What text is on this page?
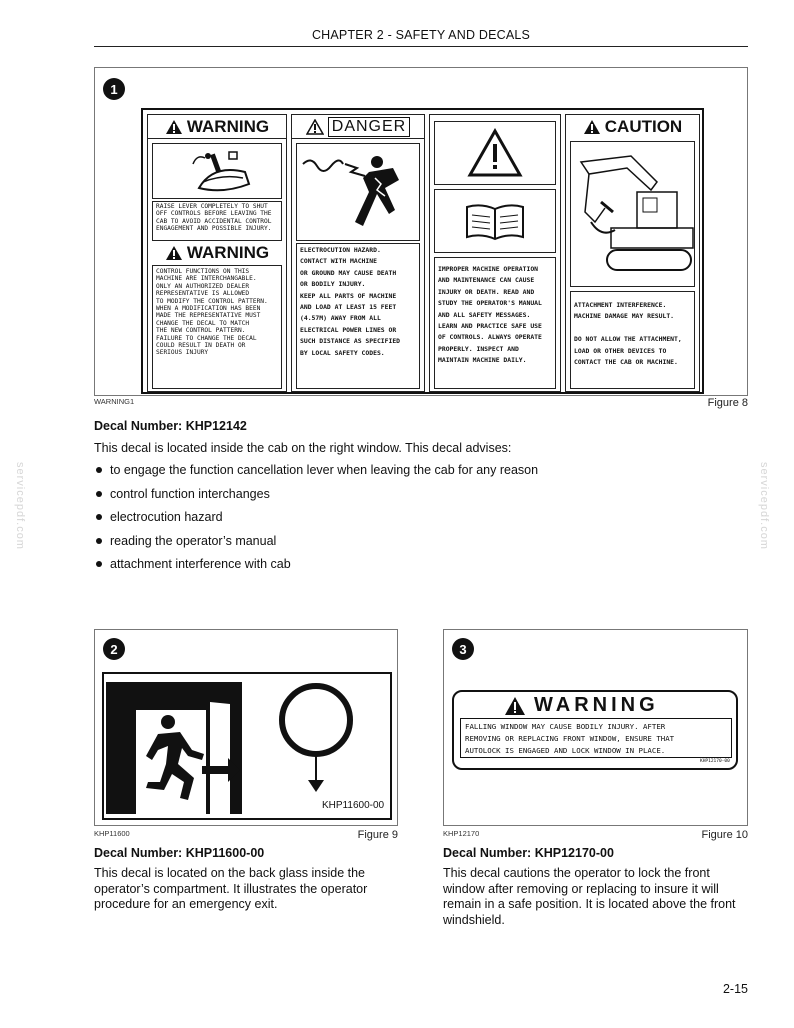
CHAPTER 2 - SAFETY AND DECALS
servicepdf.com	servicepdf.com
1
WARNING
RAISE LEVER COMPLETELY TO SHUT
OFF CONTROLS BEFORE LEAVING THE
CAB TO AVOID ACCIDENTAL CONTROL
ENGAGEMENT AND POSSIBLE INJURY.
WARNING
CONTROL FUNCTIONS ON THIS
MACHINE ARE INTERCHANGABLE.
ONLY AN AUTHORIZED DEALER
REPRESENTATIVE IS ALLOWED
TO MODIFY THE CONTROL PATTERN.
WHEN A MODIFICATION HAS BEEN
MADE THE REPRESENTATIVE MUST
CHANGE THE DECAL TO MATCH
THE NEW CONTROL PATTERN.
FAILURE TO CHANGE THE DECAL
COULD RESULT IN DEATH OR
SERIOUS INJURY
DANGER
ELECTROCUTION HAZARD.
CONTACT WITH MACHINE
OR GROUND MAY CAUSE DEATH
OR BODILY INJURY.
KEEP ALL PARTS OF MACHINE
AND LOAD AT LEAST 15 FEET
(4.57M) AWAY FROM ALL
ELECTRICAL POWER LINES OR
SUCH DISTANCE AS SPECIFIED
BY LOCAL SAFETY CODES.
IMPROPER MACHINE OPERATION
AND MAINTENANCE CAN CAUSE
INJURY OR DEATH. READ AND
STUDY THE OPERATOR'S MANUAL
AND ALL SAFETY MESSAGES.
LEARN AND PRACTICE SAFE USE
OF CONTROLS. ALWAYS OPERATE
PROPERLY. INSPECT AND
MAINTAIN MACHINE DAILY.
CAUTION
ATTACHMENT INTERFERENCE.
MACHINE DAMAGE MAY RESULT.

DO NOT ALLOW THE ATTACHMENT,
LOAD OR OTHER DEVICES TO
CONTACT THE CAB OR MACHINE.
WARNING1	Figure 8
Decal Number: KHP12142
This decal is located inside the cab on the right window. This decal advises:
to engage the function cancellation lever when leaving the cab for any reason
control function interchanges
electrocution hazard
reading the operator’s manual
attachment interference with cab
2
KHP11600-00
KHP11600	Figure 9
3
WARNING
FALLING WINDOW MAY CAUSE BODILY INJURY. AFTER
REMOVING OR REPLACING FRONT WINDOW, ENSURE THAT
AUTOLOCK IS ENGAGED AND LOCK WINDOW IN PLACE.
KHP12170-00
KHP12170	Figure 10
Decal Number: KHP11600-00
This decal is located on the back glass inside the operator’s compartment. It illustrates the operator procedure for an emergency exit.
Decal Number: KHP12170-00
This decal cautions the operator to lock the front window after removing or replacing to insure it will remain in a safe position. It is located above the front windshield.
2-15
